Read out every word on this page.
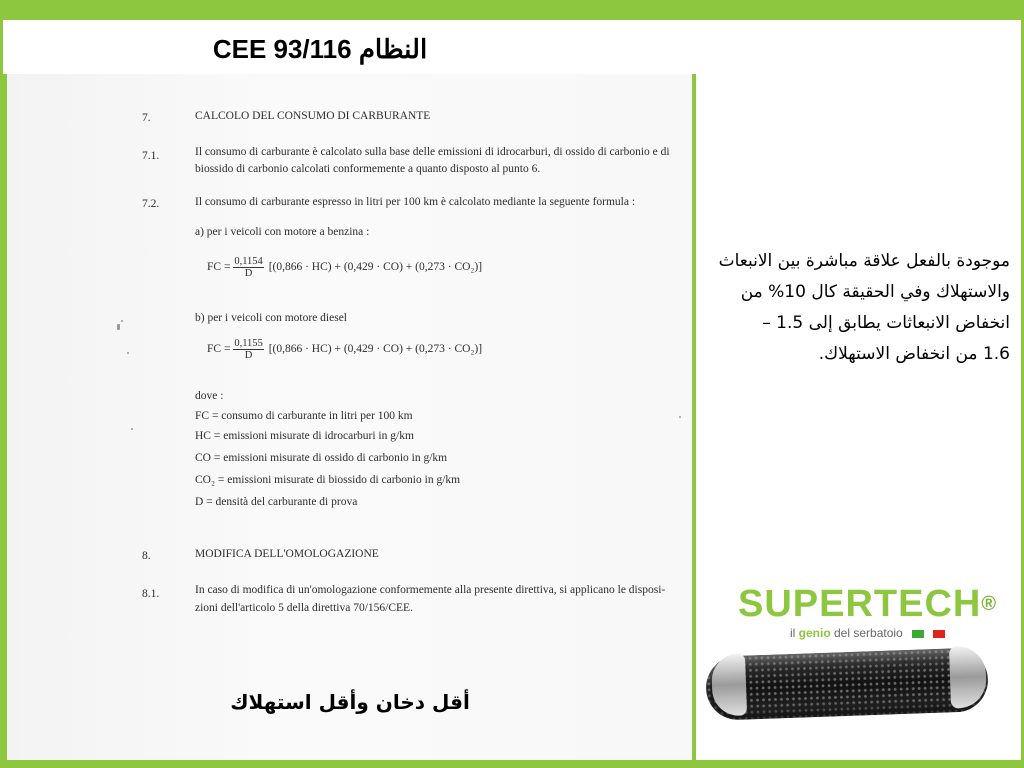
CEE 93/116 النظام
7.	CALCOLO DEL CONSUMO DI CARBURANTE
7.1.	Il consumo di carburante è calcolato sulla base delle emissioni di idrocarburi, di ossido di carbonio e di
biossido di carbonio calcolati conformemente a quanto disposto al punto 6.
7.2.	Il consumo di carburante espresso in litri per 100 km è calcolato mediante la seguente formula :
a) per i veicoli con motore a benzina :
FC = $\frac{0,1154}{D} [(0,866 \cdot HC) + (0,429 \cdot CO) + (0,273 \cdot CO_2)]$
b) per i veicoli con motore diesel
FC = $\frac{0,1155}{D} [(0,866 \cdot HC) + (0,429 \cdot CO) + (0,273 \cdot CO_2)]$
dove :
FC = consumo di carburante in litri per 100 km
HC = emissioni misurate di idrocarburi in g/km
CO = emissioni misurate di ossido di carbonio in g/km
CO₂ = emissioni misurate di biossido di carbonio in g/km
D = densità del carburante di prova
8.	MODIFICA DELL'OMOLOGAZIONE
8.1.	In caso di modifica di un'omologazione conformemente alla presente direttiva, si applicano le disposi-
zioni dell'articolo 5 della direttiva 70/156/CEE.
أقل دخان وأقل استهلاك
موجودة بالفعل علاقة مباشرة بين الانبعاث
والاستهلاك وفي الحقيقة كال 10% من
انخفاض الانبعاثات يطابق إلى 1.5 –
1.6 من انخفاض الاستهلاك.
SUPERTECH®
il genio del serbatoio
